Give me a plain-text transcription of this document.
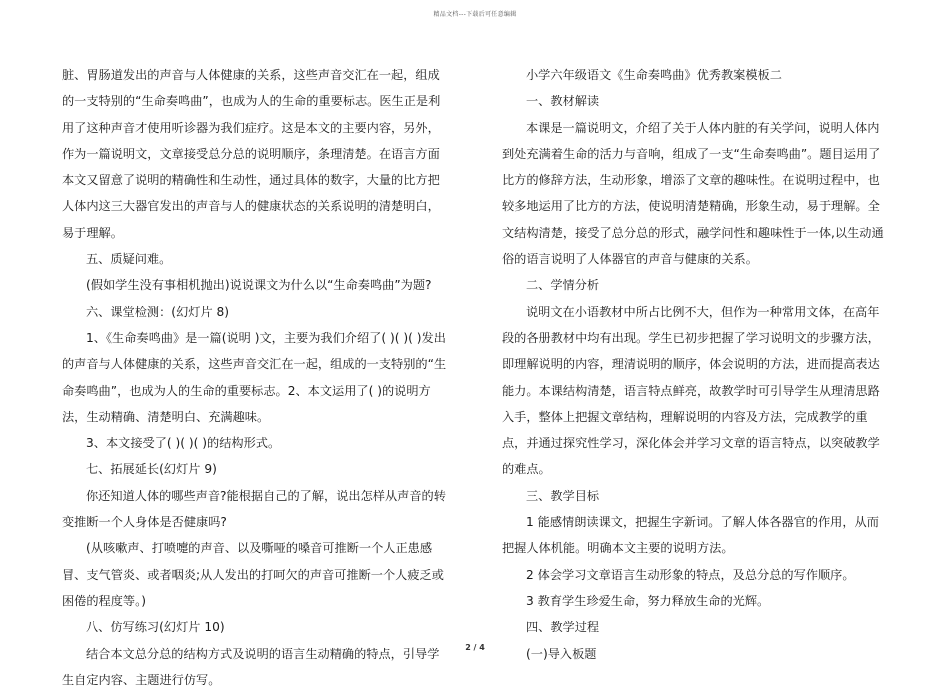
精品文档---下载后可任意编辑

脏、胃肠道发出的声音与人体健康的关系，这些声音交汇在一起，组成的一支特别的“生命奏鸣曲”，也成为人的生命的重要标志。医生正是利用了这种声音才使用听诊器为我们症疗。这是本文的主要内容，另外，作为一篇说明文，文章接受总分总的说明顺序，条理清楚。在语言方面本文又留意了说明的精确性和生动性，通过具体的数字，大量的比方把人体内这三大器官发出的声音与人的健康状态的关系说明的清楚明白，易于理解。

五、质疑问难。

(假如学生没有事相机抛出)说说课文为什么以“生命奏鸣曲”为题?

六、课堂检测：(幻灯片 8)

1、《生命奏鸣曲》是一篇(说明 )文，主要为我们介绍了( )( )( )发出的声音与人体健康的关系，这些声音交汇在一起，组成的一支特别的“生命奏鸣曲”，也成为人的生命的重要标志。2、本文运用了( )的说明方法，生动精确、清楚明白、充满趣味。

3、本文接受了( )( )( )的结构形式。

七、拓展延长(幻灯片 9)

你还知道人体的哪些声音?能根据自己的了解，说出怎样从声音的转变推断一个人身体是否健康吗?

(从咳嗽声、打喷嚏的声音、以及嘶哑的嗓音可推断一个人正患感冒、支气管炎、或者咽炎;从人发出的打呵欠的声音可推断一个人疲乏或困倦的程度等。)

八、仿写练习(幻灯片 10)

结合本文总分总的结构方式及说明的语言生动精确的特点，引导学生自定内容、主题进行仿写。

小学六年级语文《生命奏鸣曲》优秀教案模板二

一、教材解读

本课是一篇说明文，介绍了关于人体内脏的有关学问，说明人体内到处充满着生命的活力与音响，组成了一支“生命奏鸣曲”。题目运用了比方的修辞方法，生动形象，增添了文章的趣味性。在说明过程中，也较多地运用了比方的方法，使说明清楚精确，形象生动，易于理解。全文结构清楚，接受了总分总的形式，融学问性和趣味性于一体,以生动通俗的语言说明了人体器官的声音与健康的关系。

二、学情分析

说明文在小语教材中所占比例不大，但作为一种常用文体，在高年段的各册教材中均有出现。学生已初步把握了学习说明文的步骤方法，即理解说明的内容，理清说明的顺序，体会说明的方法，进而提高表达能力。本课结构清楚，语言特点鲜亮，故教学时可引导学生从理清思路入手，整体上把握文章结构，理解说明的内容及方法，完成教学的重点，并通过探究性学习，深化体会并学习文章的语言特点，以突破教学的难点。

三、教学目标

1 能感情朗读课文，把握生字新词。了解人体各器官的作用，从而把握人体机能。明确本文主要的说明方法。

2 体会学习文章语言生动形象的特点，及总分总的写作顺序。

3 教育学生珍爱生命，努力释放生命的光辉。

四、教学过程

(一)导入板题

2 / 4
